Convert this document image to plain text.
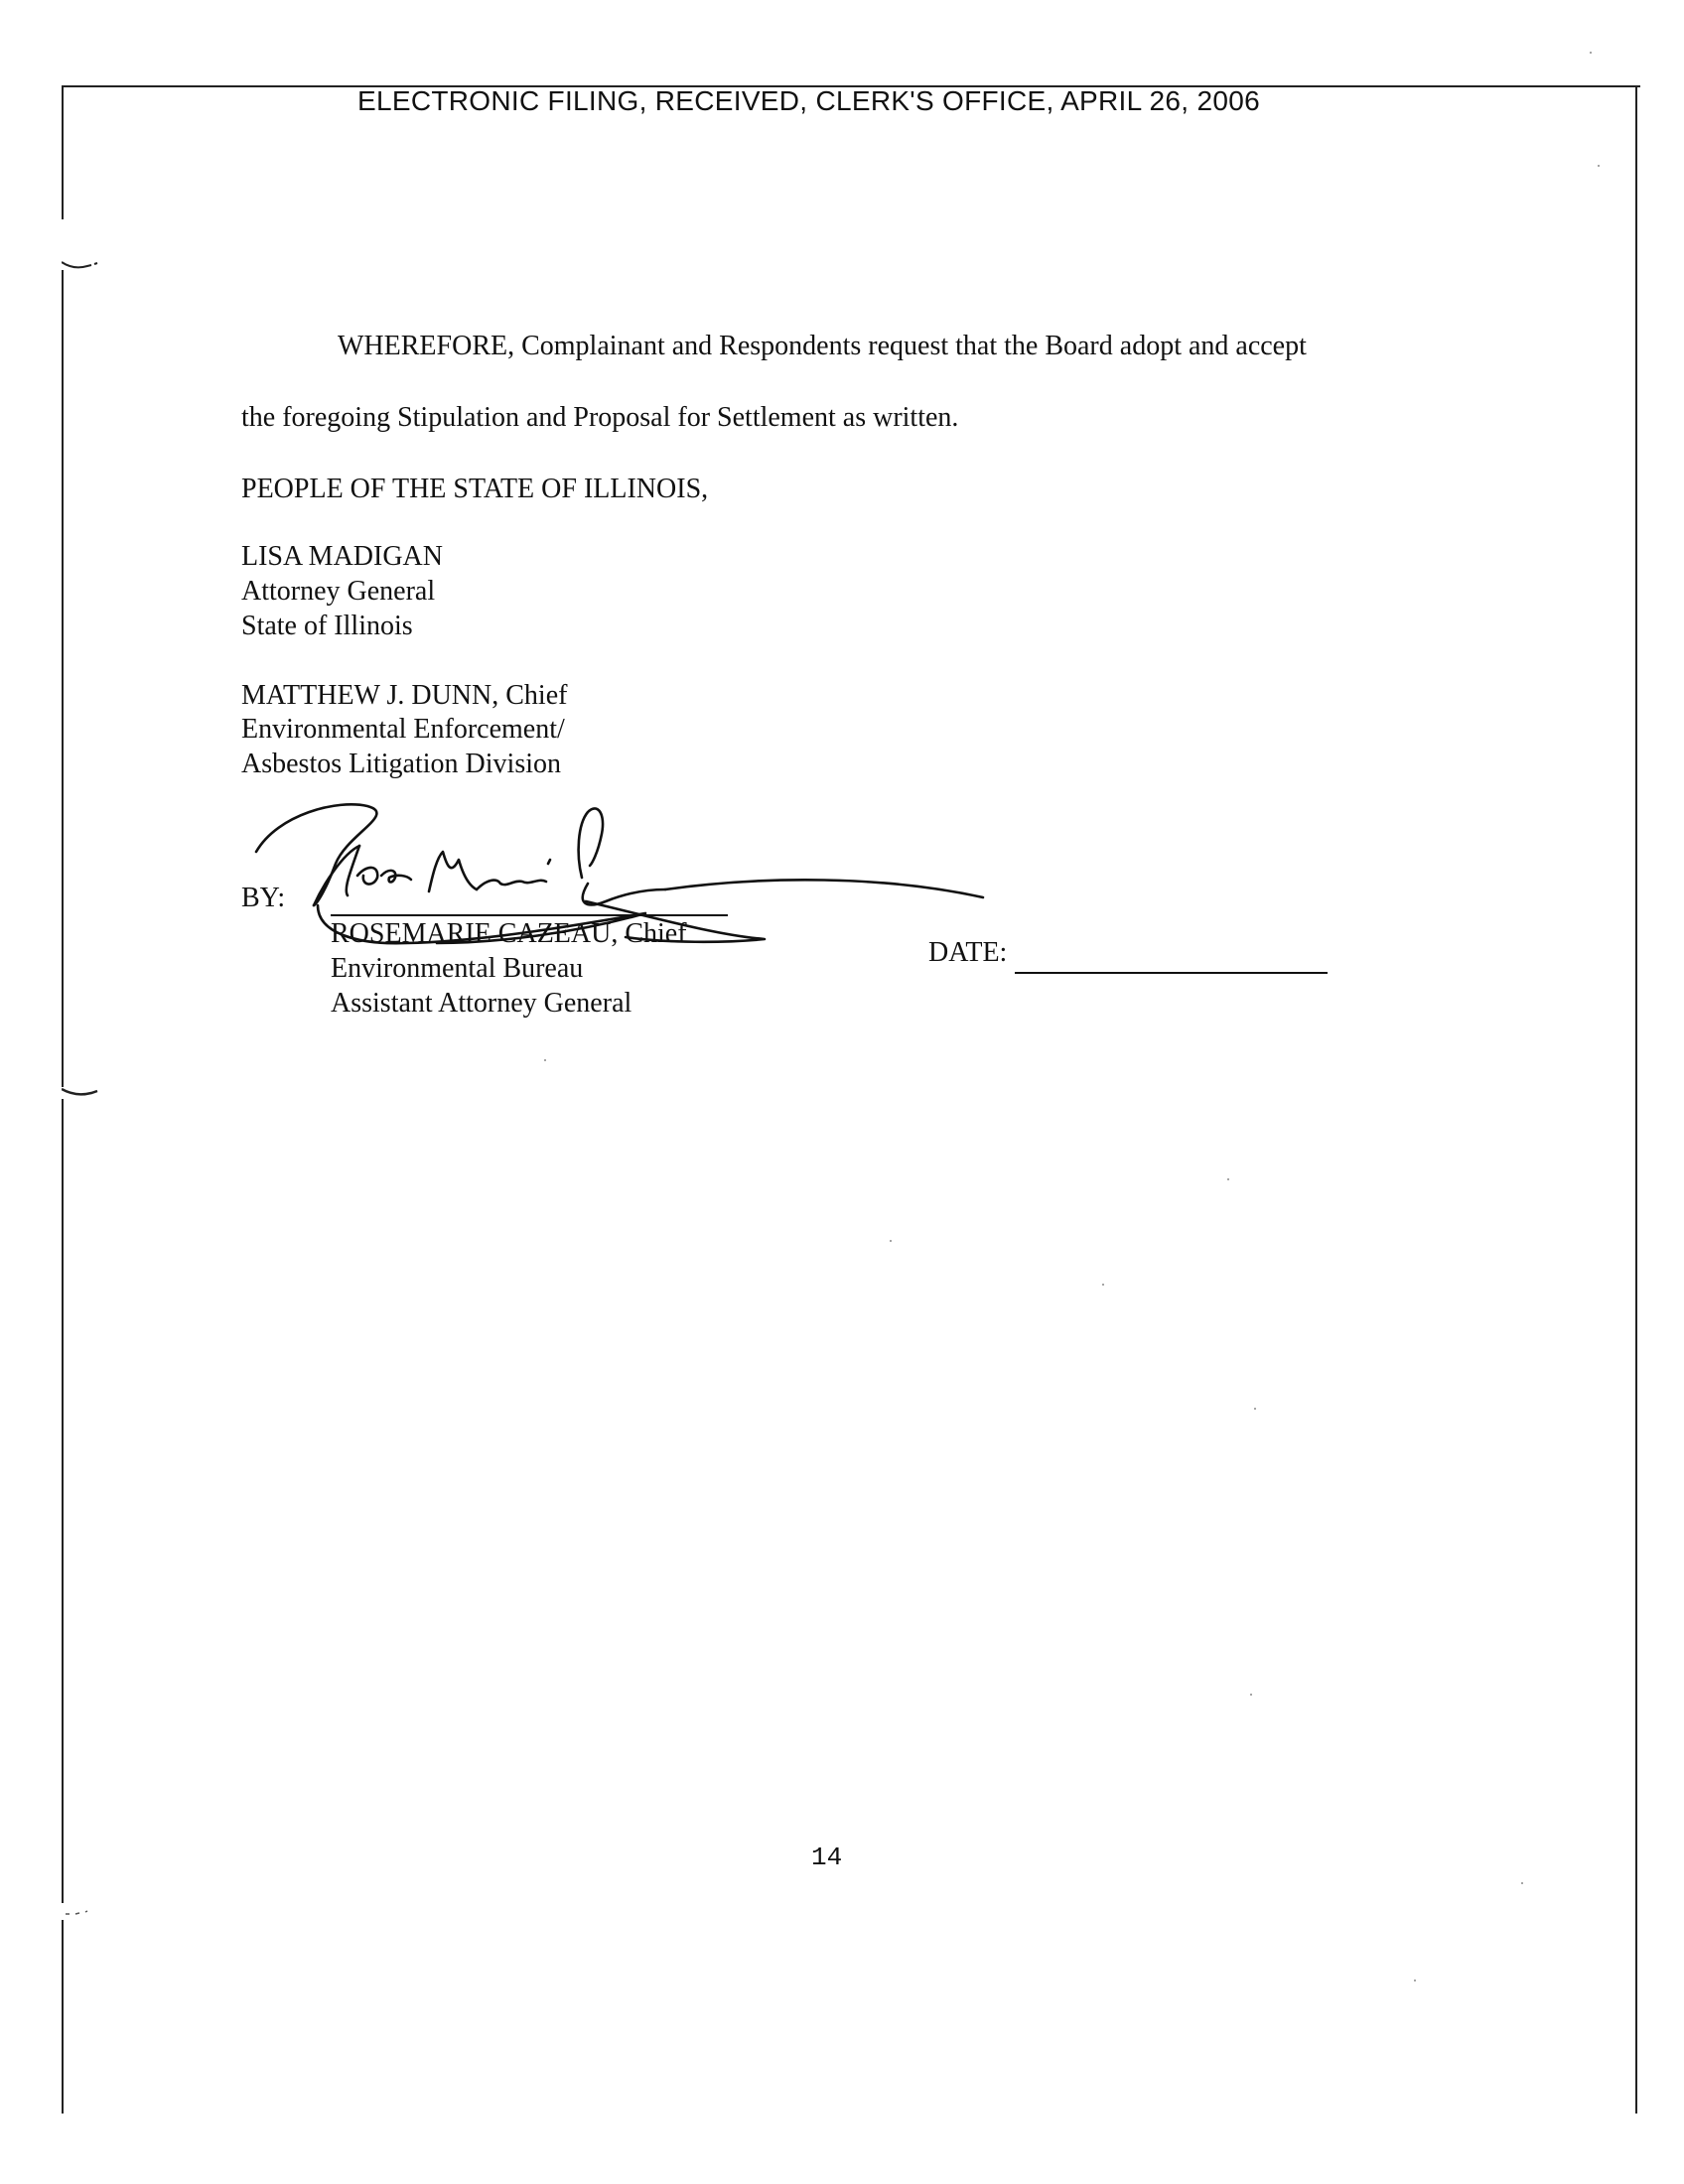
ELECTRONIC FILING, RECEIVED, CLERK'S OFFICE, APRIL 26, 2006
WHEREFORE, Complainant and Respondents request that the Board adopt and accept
the foregoing Stipulation and Proposal for Settlement as written.
PEOPLE OF THE STATE OF ILLINOIS,
LISA MADIGAN
Attorney General
State of Illinois
MATTHEW J. DUNN, Chief
Environmental Enforcement/
Asbestos Litigation Division
BY:
ROSEMARIE CAZEAU, Chief
Environmental Bureau
Assistant Attorney General
DATE:
14
